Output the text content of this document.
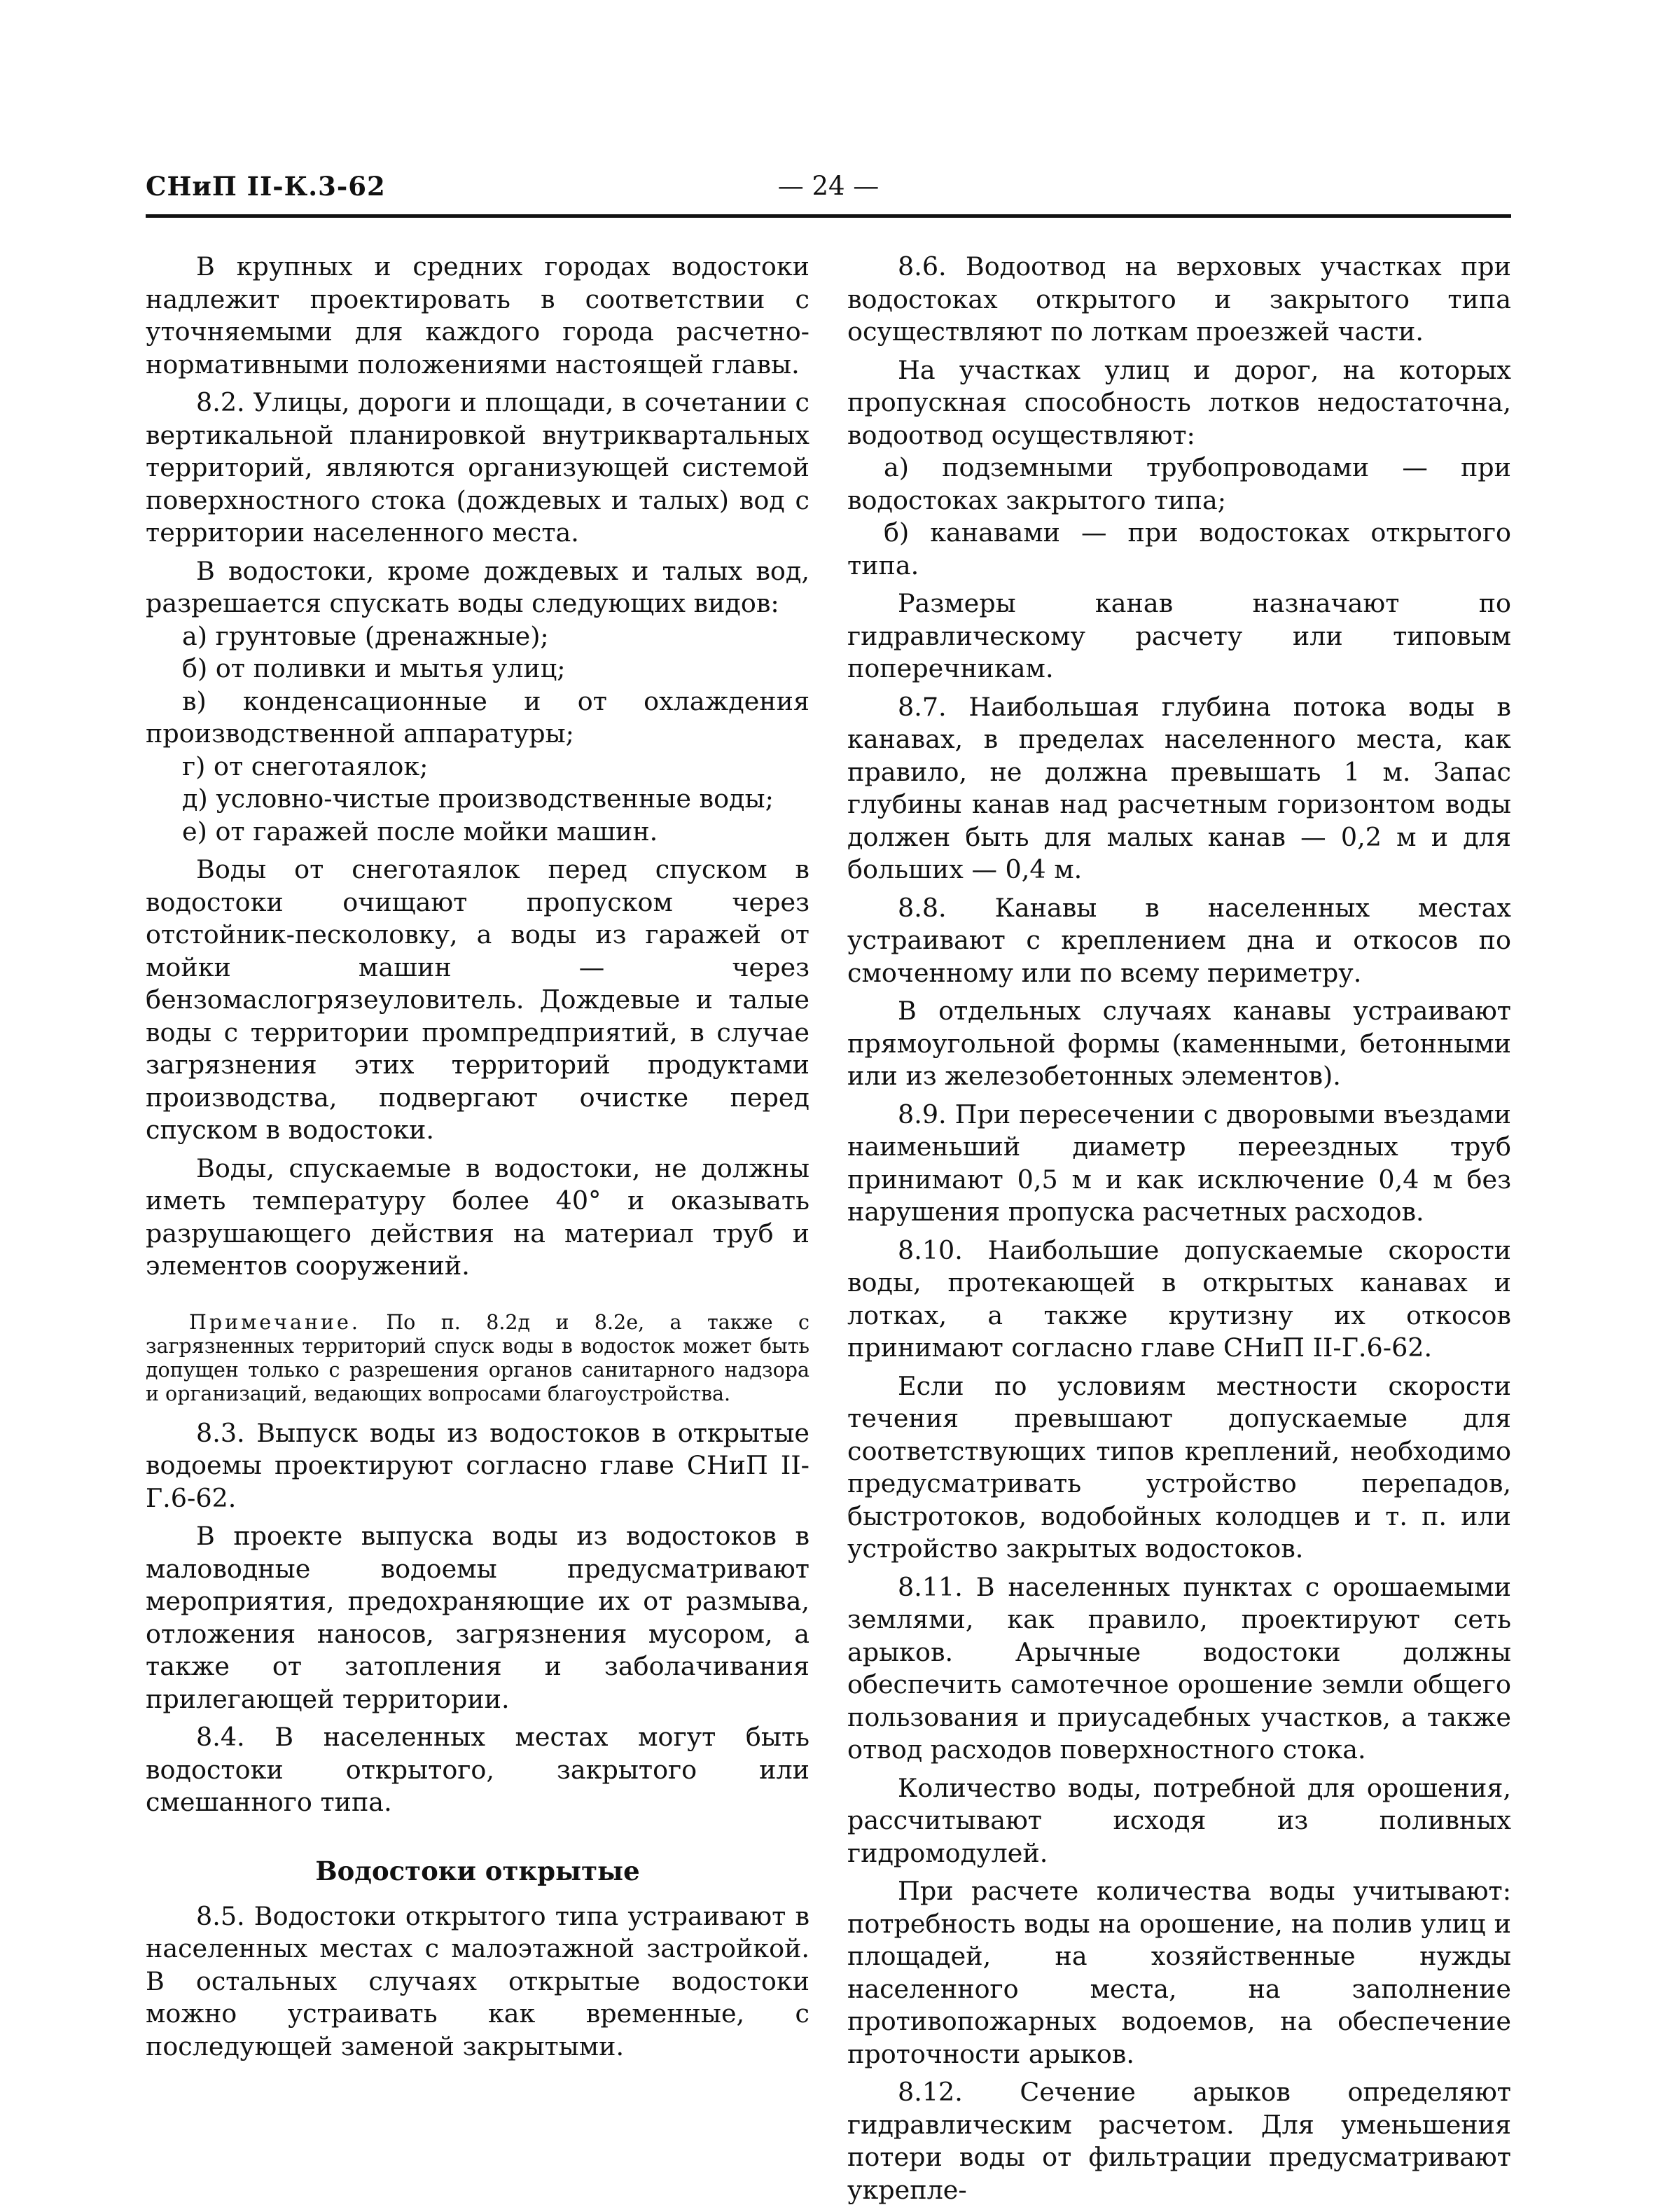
— 24 —
СНиП II-К.3-62

В крупных и средних городах водостоки надлежит проектировать в соответствии с уточняемыми для каждого города расчетно-нормативными положениями настоящей главы.

8.2. Улицы, дороги и площади, в сочетании с вертикальной планировкой внутриквартальных территорий, являются организующей системой поверхностного стока (дождевых и талых) вод с территории населенного места.

В водостоки, кроме дождевых и талых вод, разрешается спускать воды следующих видов:

а) грунтовые (дренажные);

б) от поливки и мытья улиц;

в) конденсационные и от охлаждения производственной аппаратуры;

г) от снеготаялок;

д) условно-чистые производственные воды;

е) от гаражей после мойки машин.

Воды от снеготаялок перед спуском в водостоки очищают пропуском через отстойник-песколовку, а воды из гаражей от мойки машин — через бензомаслогрязеуловитель. Дождевые и талые воды с территории промпредприятий, в случае загрязнения этих территорий продуктами производства, подвергают очистке перед спуском в водостоки.

Воды, спускаемые в водостоки, не должны иметь температуру более 40° и оказывать разрушающего действия на материал труб и элементов сооружений.

Примечание. По п. 8.2д и 8.2е, а также с загрязненных территорий спуск воды в водосток может быть допущен только с разрешения органов санитарного надзора и организаций, ведающих вопросами благоустройства.

8.3. Выпуск воды из водостоков в открытые водоемы проектируют согласно главе СНиП II-Г.6-62.

В проекте выпуска воды из водостоков в маловодные водоемы предусматривают мероприятия, предохраняющие их от размыва, отложения наносов, загрязнения мусором, а также от затопления и заболачивания прилегающей территории.

8.4. В населенных местах могут быть водостоки открытого, закрытого или смешанного типа.

Водостоки открытые

8.5. Водостоки открытого типа устраивают в населенных местах с малоэтажной застройкой. В остальных случаях открытые водостоки можно устраивать как временные, с последующей заменой закрытыми.

8.6. Водоотвод на верховых участках при водостоках открытого и закрытого типа осуществляют по лоткам проезжей части.

На участках улиц и дорог, на которых пропускная способность лотков недостаточна, водоотвод осуществляют:

а) подземными трубопроводами — при водостоках закрытого типа;

б) канавами — при водостоках открытого типа.

Размеры канав назначают по гидравлическому расчету или типовым поперечникам.

8.7. Наибольшая глубина потока воды в канавах, в пределах населенного места, как правило, не должна превышать 1 м. Запас глубины канав над расчетным горизонтом воды должен быть для малых канав — 0,2 м и для больших — 0,4 м.

8.8. Канавы в населенных местах устраивают с креплением дна и откосов по смоченному или по всему периметру.

В отдельных случаях канавы устраивают прямоугольной формы (каменными, бетонными или из железобетонных элементов).

8.9. При пересечении с дворовыми въездами наименьший диаметр переездных труб принимают 0,5 м и как исключение 0,4 м без нарушения пропуска расчетных расходов.

8.10. Наибольшие допускаемые скорости воды, протекающей в открытых канавах и лотках, а также крутизну их откосов принимают согласно главе СНиП II-Г.6-62.

Если по условиям местности скорости течения превышают допускаемые для соответствующих типов креплений, необходимо предусматривать устройство перепадов, быстротоков, водобойных колодцев и т. п. или устройство закрытых водостоков.

8.11. В населенных пунктах с орошаемыми землями, как правило, проектируют сеть арыков. Арычные водостоки должны обеспечить самотечное орошение земли общего пользования и приусадебных участков, а также отвод расходов поверхностного стока.

Количество воды, потребной для орошения, рассчитывают исходя из поливных гидромодулей.

При расчете количества воды учитывают: потребность воды на орошение, на полив улиц и площадей, на хозяйственные нужды населенного места, на заполнение противопожарных водоемов, на обеспечение проточности арыков.

8.12. Сечение арыков определяют гидравлическим расчетом. Для уменьшения потери воды от фильтрации предусматривают укрепле-
